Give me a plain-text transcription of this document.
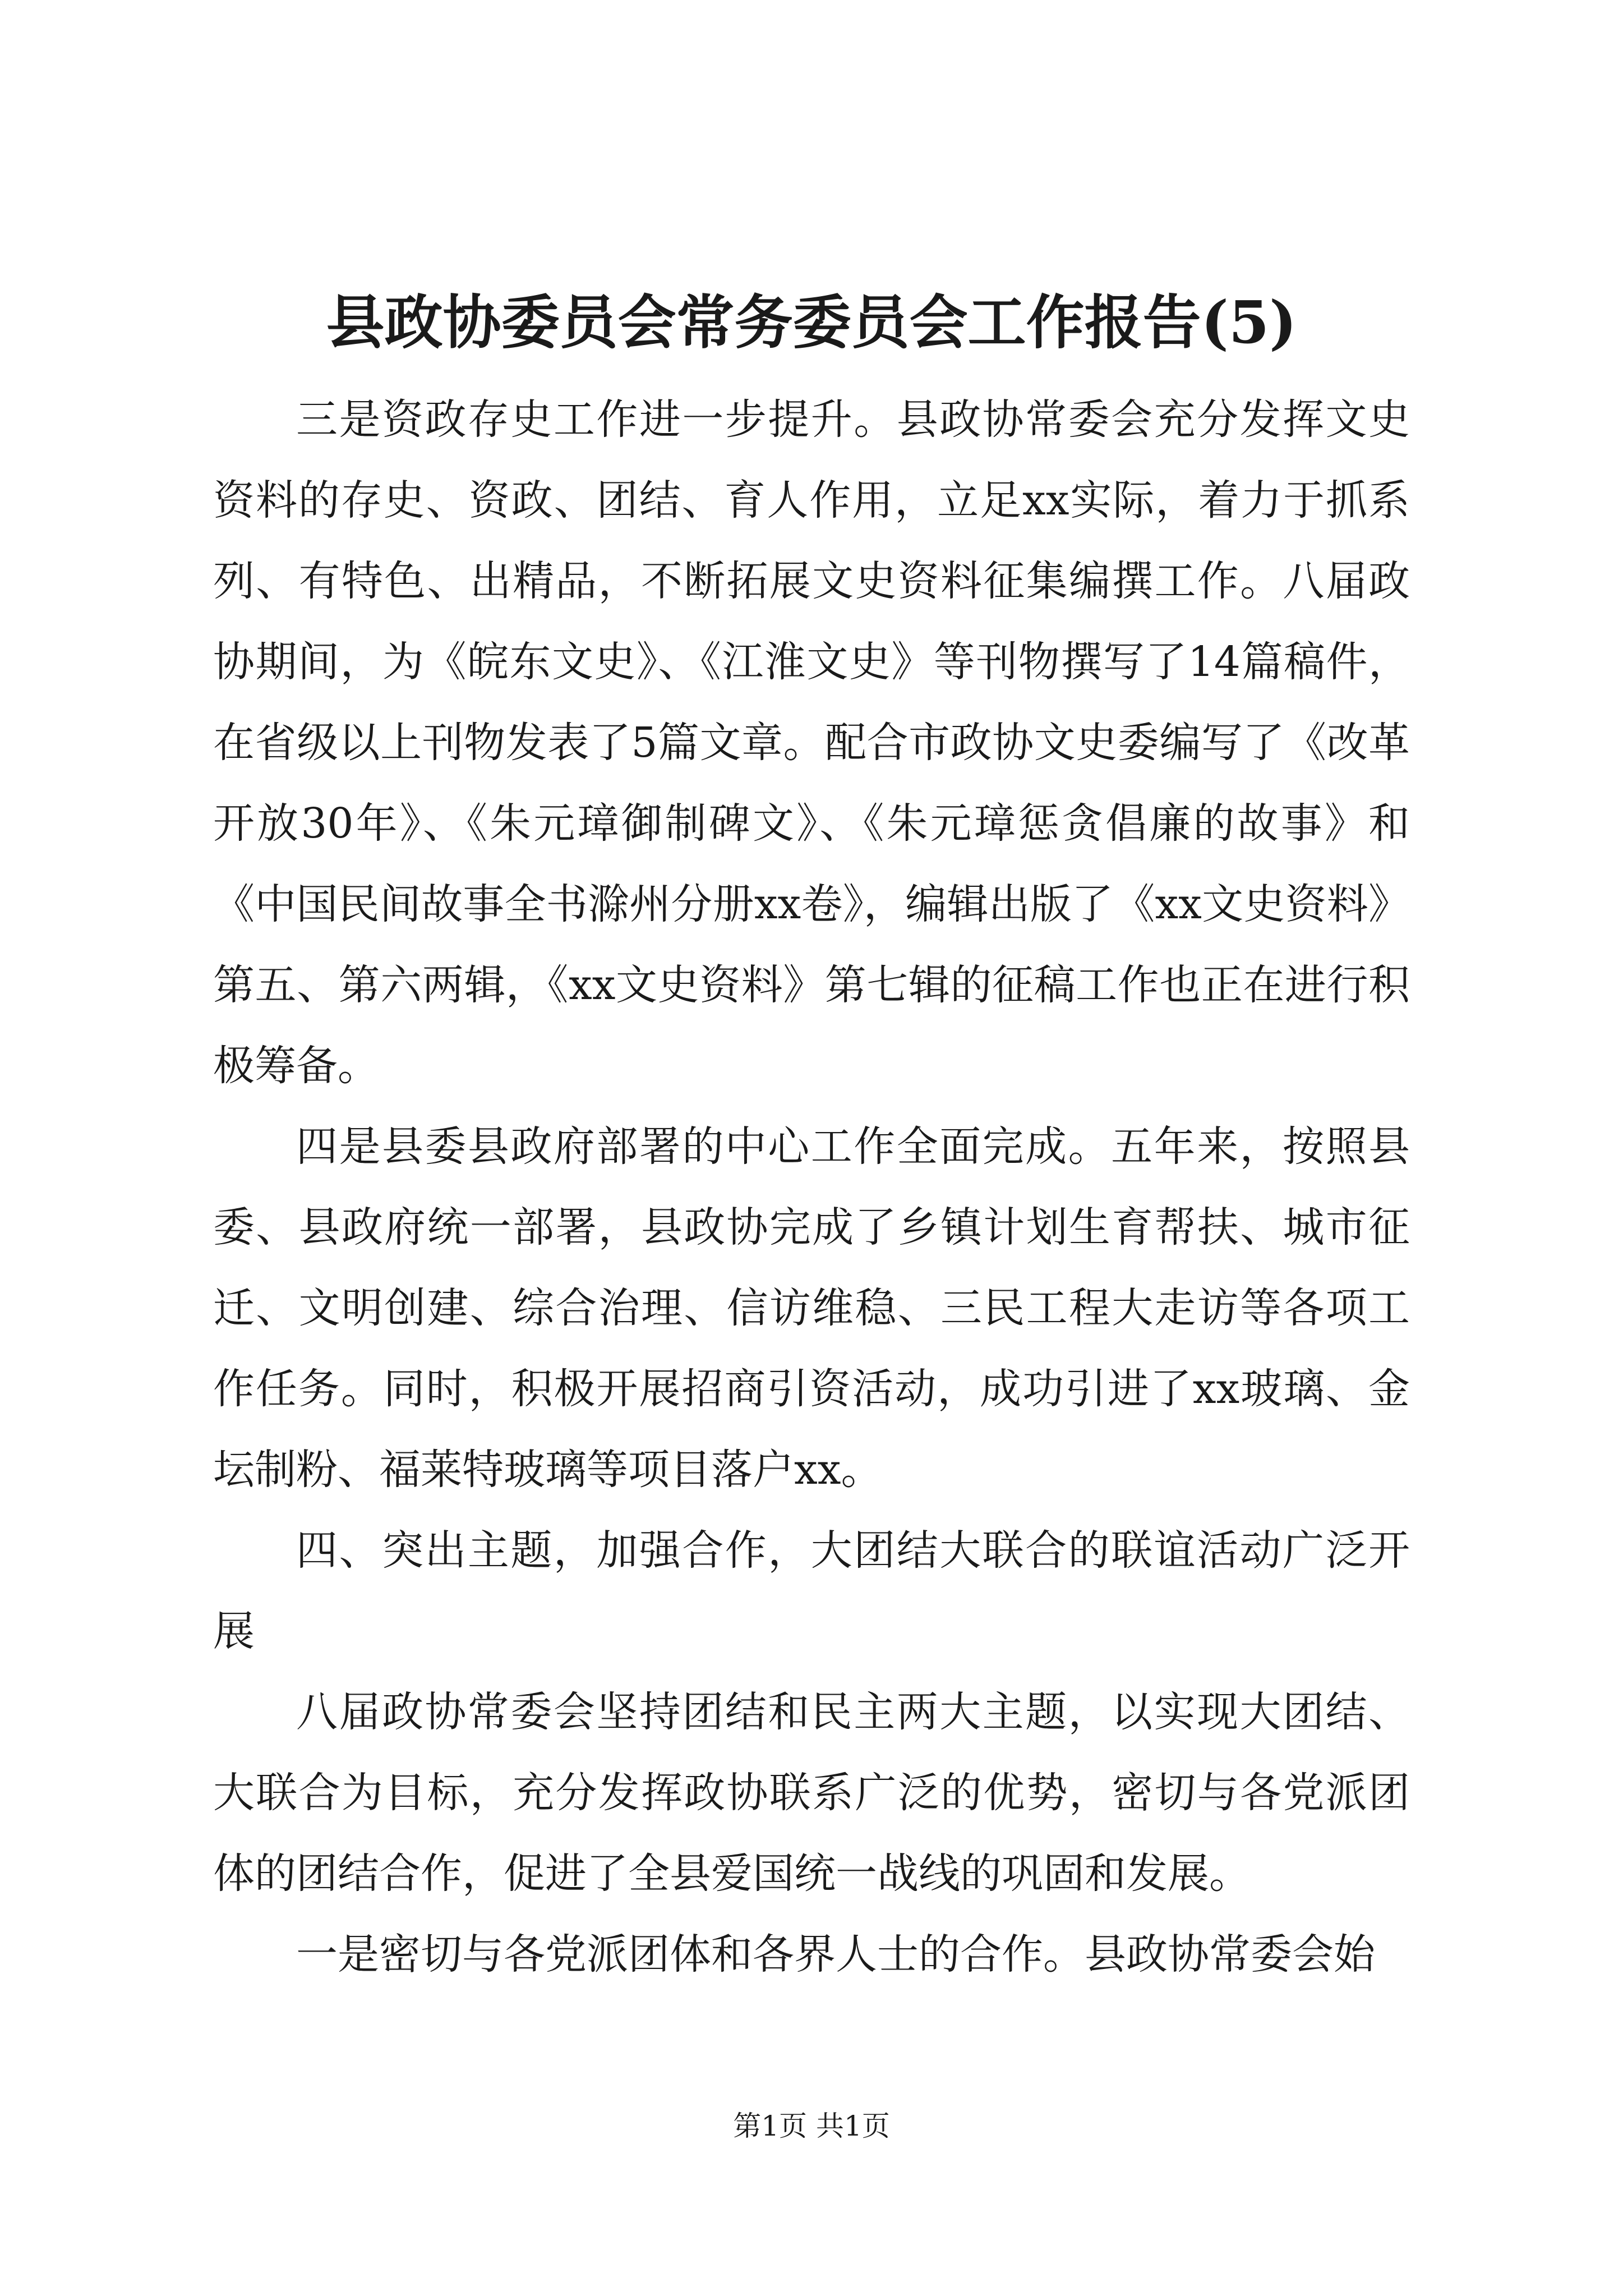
县政协委员会常务委员会工作报告(5)

三是资政存史工作进一步提升。县政协常委会充分发挥文史资料的存史、资政、团结、育人作用，立足xx实际，着力于抓系列、有特色、出精品，不断拓展文史资料征集编撰工作。八届政协期间，为《皖东文史》、《江淮文史》等刊物撰写了14篇稿件，在省级以上刊物发表了5篇文章。配合市政协文史委编写了《改革开放30年》、《朱元璋御制碑文》、《朱元璋惩贪倡廉的故事》和《中国民间故事全书滁州分册xx卷》，编辑出版了《xx文史资料》第五、第六两辑，《xx文史资料》第七辑的征稿工作也正在进行积极筹备。

四是县委县政府部署的中心工作全面完成。五年来，按照县委、县政府统一部署，县政协完成了乡镇计划生育帮扶、城市征迁、文明创建、综合治理、信访维稳、三民工程大走访等各项工作任务。同时，积极开展招商引资活动，成功引进了xx玻璃、金坛制粉、福莱特玻璃等项目落户xx。

四、突出主题，加强合作，大团结大联合的联谊活动广泛开展

八届政协常委会坚持团结和民主两大主题，以实现大团结、大联合为目标，充分发挥政协联系广泛的优势，密切与各党派团体的团结合作，促进了全县爱国统一战线的巩固和发展。

一是密切与各党派团体和各界人士的合作。县政协常委会始

第1页 共1页
